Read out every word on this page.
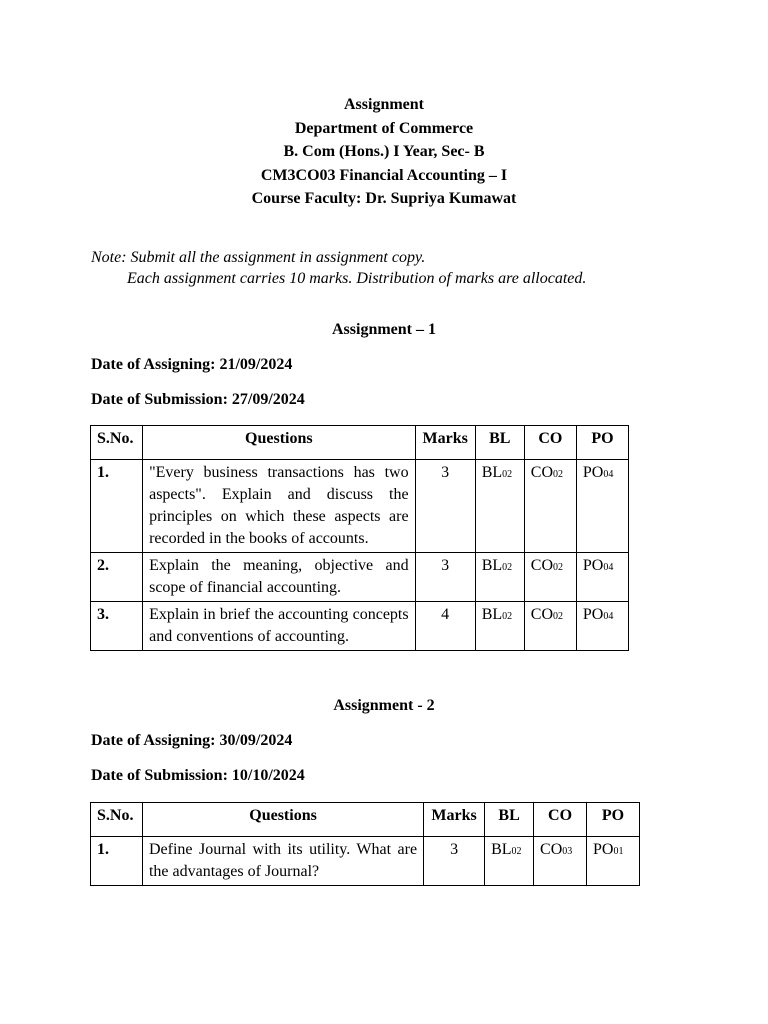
Assignment
Department of Commerce
B. Com (Hons.) I Year, Sec- B
CM3CO03 Financial Accounting – I
Course Faculty: Dr. Supriya Kumawat
Note: Submit all the assignment in assignment copy.
Each assignment carries 10 marks. Distribution of marks are allocated.
Assignment – 1
Date of Assigning: 21/09/2024
Date of Submission: 27/09/2024
S.No.	Questions	Marks	BL	CO	PO
1.	"Every business transactions has two aspects". Explain and discuss the principles on which these aspects are recorded in the books of accounts.	3	BL02	CO02	PO04
2.	Explain the meaning, objective and scope of financial accounting.	3	BL02	CO02	PO04
3.	Explain in brief the accounting concepts and conventions of accounting.	4	BL02	CO02	PO04
Assignment - 2
Date of Assigning: 30/09/2024
Date of Submission: 10/10/2024
S.No.	Questions	Marks	BL	CO	PO
1.	Define Journal with its utility. What are the advantages of Journal?	3	BL02	CO03	PO01
